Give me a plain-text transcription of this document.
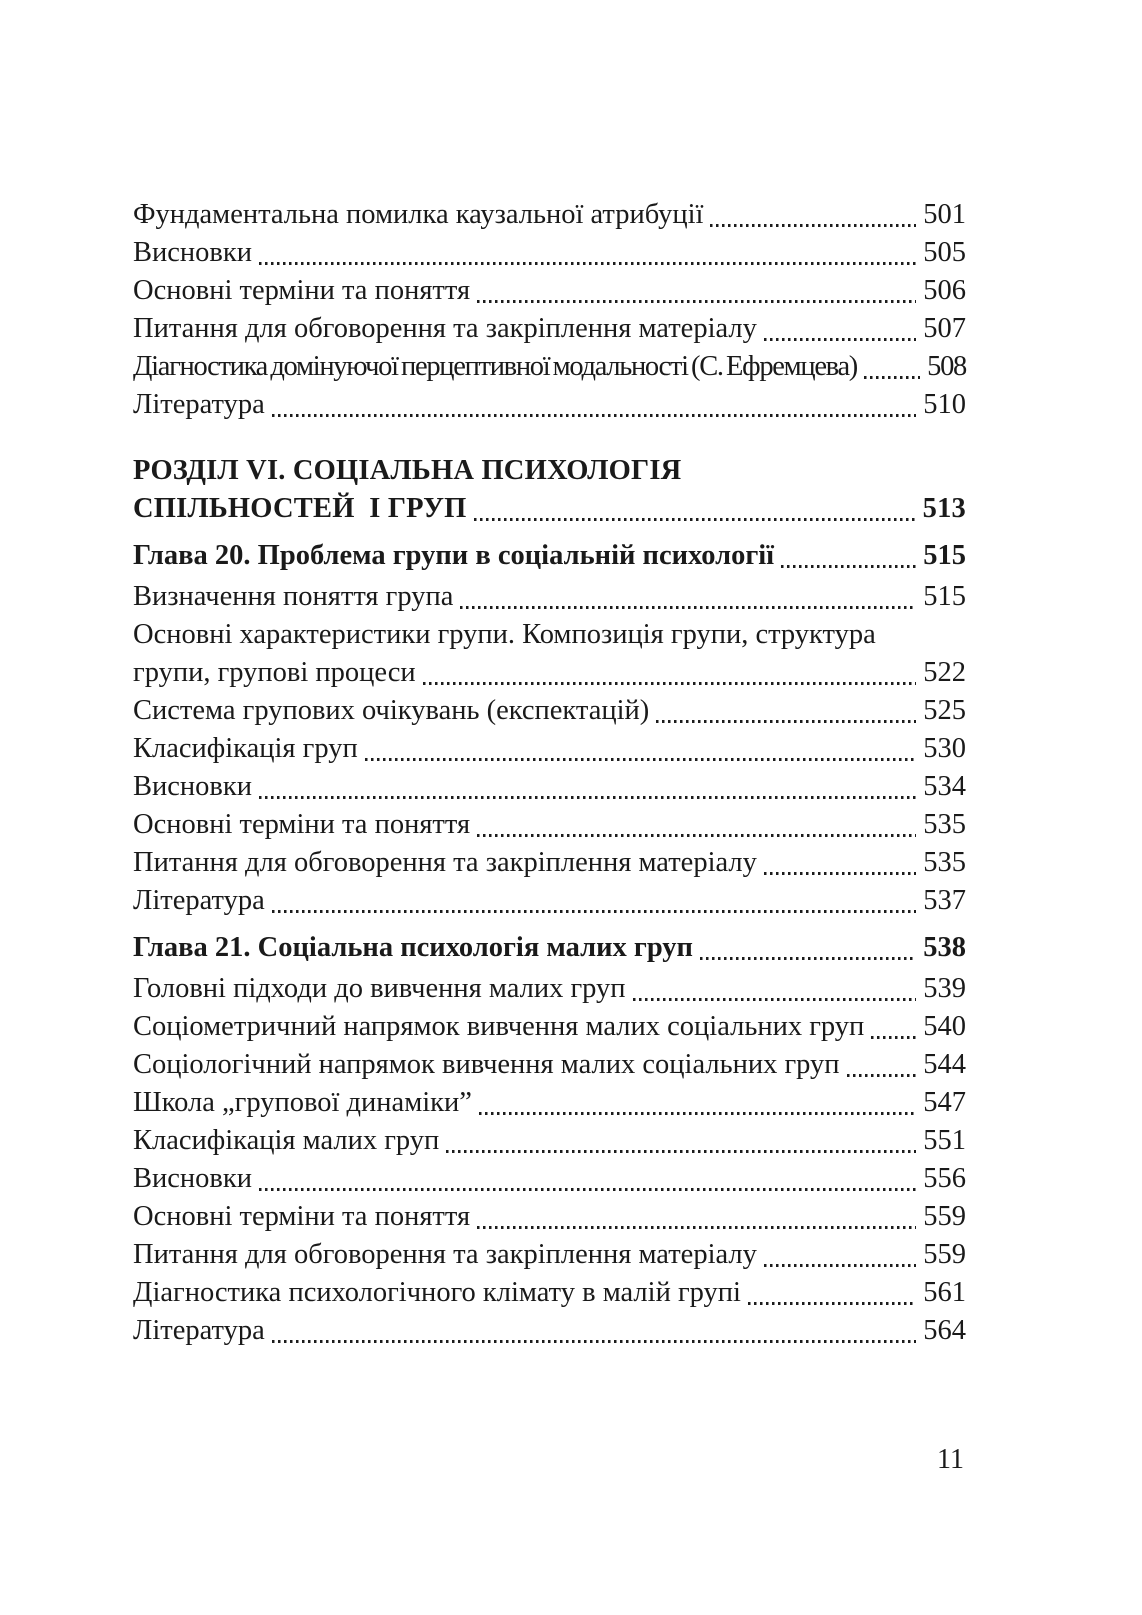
Фундаментальна помилка каузальної атрибуції	501
Висновки	505
Основні терміни та поняття	506
Питання для обговорення та закріплення матеріалу	507
Діагностика домінуючої перцептивної модальності (С. Ефремцева) 508
Література	510
РОЗДІЛ VI. СОЦІАЛЬНА ПСИХОЛОГІЯ
СПІЛЬНОСТЕЙ  І ГРУП	513
Глава 20. Проблема групи в соціальній психології	515
Визначення поняття група	515
Основні характеристики групи. Композиція групи, структура
групи, групові процеси	522
Система групових очікувань (експектацій)	525
Класифікація груп	530
Висновки	534
Основні терміни та поняття	535
Питання для обговорення та закріплення матеріалу	535
Література	537
Глава 21. Соціальна психологія малих груп	538
Головні підходи до вивчення малих груп	539
Соціометричний напрямок вивчення малих соціальних груп 540
Соціологічний напрямок вивчення малих соціальних груп	544
Школа „групової динаміки”	547
Класифікація малих груп	551
Висновки	556
Основні терміни та поняття	559
Питання для обговорення та закріплення матеріалу	559
Діагностика психологічного клімату в малій групі	561
Література	564
11
